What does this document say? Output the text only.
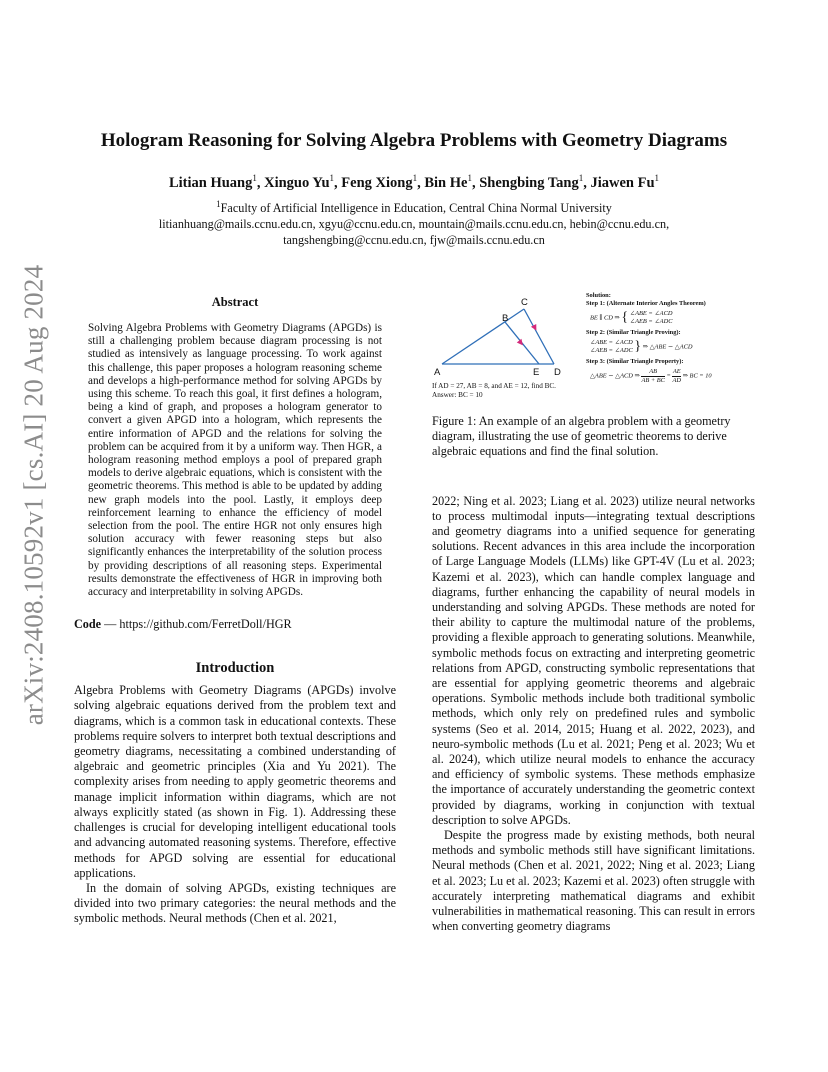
arXiv:2408.10592v1 [cs.AI] 20 Aug 2024
Hologram Reasoning for Solving Algebra Problems with Geometry Diagrams
Litian Huang$^1$, Xinguo Yu$^1$, Feng Xiong$^1$, Bin He$^1$, Shengbing Tang$^1$, Jiawen Fu$^1$
$^1$Faculty of Artificial Intelligence in Education, Central China Normal University
litianhuang@mails.ccnu.edu.cn, xgyu@ccnu.edu.cn, mountain@mails.ccnu.edu.cn, hebin@ccnu.edu.cn,
tangshengbing@ccnu.edu.cn, fjw@mails.ccnu.edu.cn
Abstract

Solving Algebra Problems with Geometry Diagrams (APGDs) is still a challenging problem because diagram processing is not studied as intensively as language processing. To work against this challenge, this paper proposes a hologram reasoning scheme and develops a high-performance method for solving APGDs by using this scheme. To reach this goal, it first defines a hologram, being a kind of graph, and proposes a hologram generator to convert a given APGD into a hologram, which represents the entire information of APGD and the relations for solving the problem can be acquired from it by a uniform way. Then HGR, a hologram reasoning method employs a pool of prepared graph models to derive algebraic equations, which is consistent with the geometric theorems. This method is able to be updated by adding new graph models into the pool. Lastly, it employs deep reinforcement learning to enhance the efficiency of model selection from the pool. The entire HGR not only ensures high solution accuracy with fewer reasoning steps but also significantly enhances the interpretability of the solution process by providing descriptions of all reasoning steps. Experimental results demonstrate the effectiveness of HGR in improving both accuracy and interpretability in solving APGDs.

Code — https://github.com/FerretDoll/HGR
Introduction

Algebra Problems with Geometry Diagrams (APGDs) involve solving algebraic equations derived from the problem text and diagrams, which is a common task in educational contexts. These problems require solvers to interpret both textual descriptions and geometry diagrams, necessitating a combined understanding of algebraic and geometric principles (Xia and Yu 2021). The complexity arises from needing to apply geometric theorems and manage implicit information within diagrams, which are not always explicitly stated (as shown in Fig. 1). Addressing these challenges is crucial for developing intelligent educational tools and advancing automated reasoning systems. Therefore, effective methods for APGD solving are essential for educational applications.

In the domain of solving APGDs, existing techniques are divided into two primary categories: the neural methods and the symbolic methods. Neural methods (Chen et al. 2021,

A
B
C
D
E
If AD = 27, AB = 8, and AE = 12, find BC.
Answer: BC = 10
Solution:
Step 1: (Alternate Interior Angles Theorem)
BE ∥ CD ⇒ { ∠ABE = ∠ACD
∠AEB = ∠ADC
Step 2: (Similar Triangle Proving):
∠ABE = ∠ACD
∠AEB = ∠ADC } ⇒ △ABE ∼ △ACD
Step 3: (Similar Triangle Property):
△ABE ∼ △ACD ⇒ $\frac{AB}{AB + BC} = \frac{AE}{AD}$ ⇒ BC = 10
Figure 1: An example of an algebra problem with a geometry diagram, illustrating the use of geometric theorems to derive algebraic equations and find the final solution.

2022; Ning et al. 2023; Liang et al. 2023) utilize neural networks to process multimodal inputs—integrating textual descriptions and geometry diagrams into a unified sequence for generating solutions. Recent advances in this area include the incorporation of Large Language Models (LLMs) like GPT-4V (Lu et al. 2023; Kazemi et al. 2023), which can handle complex language and diagrams, further enhancing the capability of neural models in understanding and solving APGDs. These methods are noted for their ability to capture the multimodal nature of the problems, providing a flexible approach to generating solutions. Meanwhile, symbolic methods focus on extracting and interpreting geometric relations from APGD, constructing symbolic representations that are essential for applying geometric theorems and algebraic operations. Symbolic methods include both traditional symbolic methods, which only rely on predefined rules and symbolic systems (Seo et al. 2014, 2015; Huang et al. 2022, 2023), and neuro-symbolic methods (Lu et al. 2021; Peng et al. 2023; Wu et al. 2024), which utilize neural models to enhance the accuracy and efficiency of symbolic systems. These methods emphasize the importance of accurately understanding the geometric context provided by diagrams, working in conjunction with textual description to solve APGDs.

Despite the progress made by existing methods, both neural methods and symbolic methods still have significant limitations. Neural methods (Chen et al. 2021, 2022; Ning et al. 2023; Liang et al. 2023; Lu et al. 2023; Kazemi et al. 2023) often struggle with accurately interpreting mathematical diagrams and exhibit vulnerabilities in mathematical reasoning. This can result in errors when converting geometry diagrams
